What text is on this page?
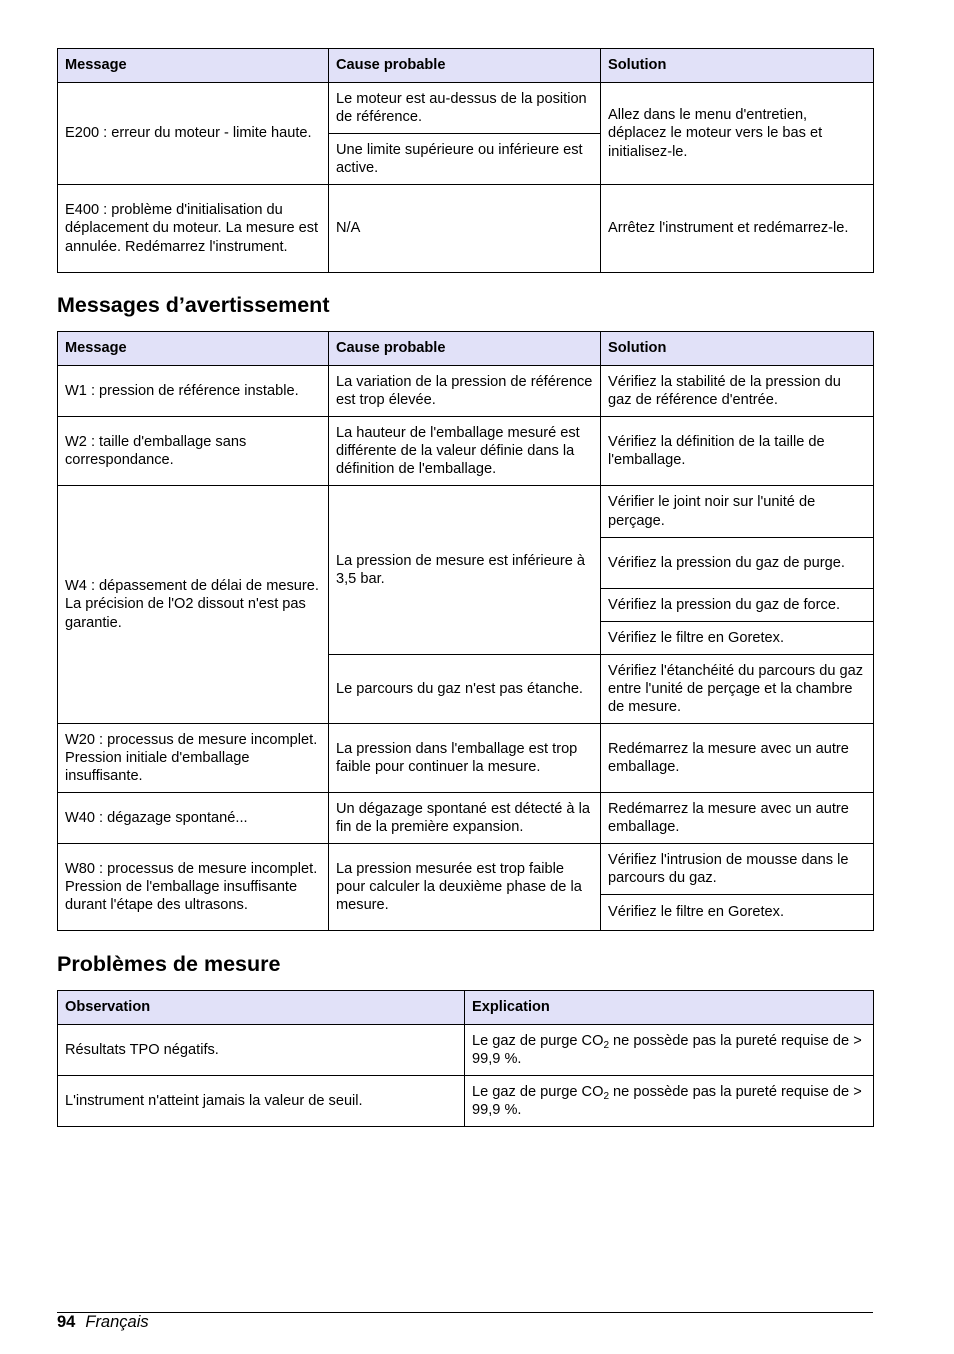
Message	Cause probable	Solution
E200 : erreur du moteur - limite haute.	Le moteur est au-dessus de la position de référence.	Allez dans le menu d'entretien, déplacez le moteur vers le bas et initialisez-le.
	Une limite supérieure ou inférieure est active.	
E400 : problème d'initialisation du déplacement du moteur. La mesure est annulée. Redémarrez l'instrument.	N/A	Arrêtez l'instrument et redémarrez-le.
Messages d’avertissement
Message	Cause probable	Solution
W1 : pression de référence instable.	La variation de la pression de référence est trop élevée.	Vérifiez la stabilité de la pression du gaz de référence d'entrée.
W2 : taille d'emballage sans correspondance.	La hauteur de l'emballage mesuré est différente de la valeur définie dans la définition de l'emballage.	Vérifiez la définition de la taille de l'emballage.
W4 : dépassement de délai de mesure. La précision de l'O2 dissout n'est pas garantie.	La pression de mesure est inférieure à 3,5 bar.	Vérifier le joint noir sur l'unité de perçage.
		Vérifiez la pression du gaz de purge.
		Vérifiez la pression du gaz de force.
		Vérifiez le filtre en Goretex.
	Le parcours du gaz n'est pas étanche.	Vérifiez l'étanchéité du parcours du gaz entre l'unité de perçage et la chambre de mesure.
W20 : processus de mesure incomplet. Pression initiale d'emballage insuffisante.	La pression dans l'emballage est trop faible pour continuer la mesure.	Redémarrez la mesure avec un autre emballage.
W40 : dégazage spontané...	Un dégazage spontané est détecté à la fin de la première expansion.	Redémarrez la mesure avec un autre emballage.
W80 : processus de mesure incomplet. Pression de l'emballage insuffisante durant l'étape des ultrasons.	La pression mesurée est trop faible pour calculer la deuxième phase de la mesure.	Vérifiez l'intrusion de mousse dans le parcours du gaz.
		Vérifiez le filtre en Goretex.
Problèmes de mesure
Observation	Explication
Résultats TPO négatifs.	Le gaz de purge $CO_2$ ne possède pas la pureté requise de > 99,9 %.
L'instrument n'atteint jamais la valeur de seuil.	Le gaz de purge $CO_2$ ne possède pas la pureté requise de > 99,9 %.
94 Français
